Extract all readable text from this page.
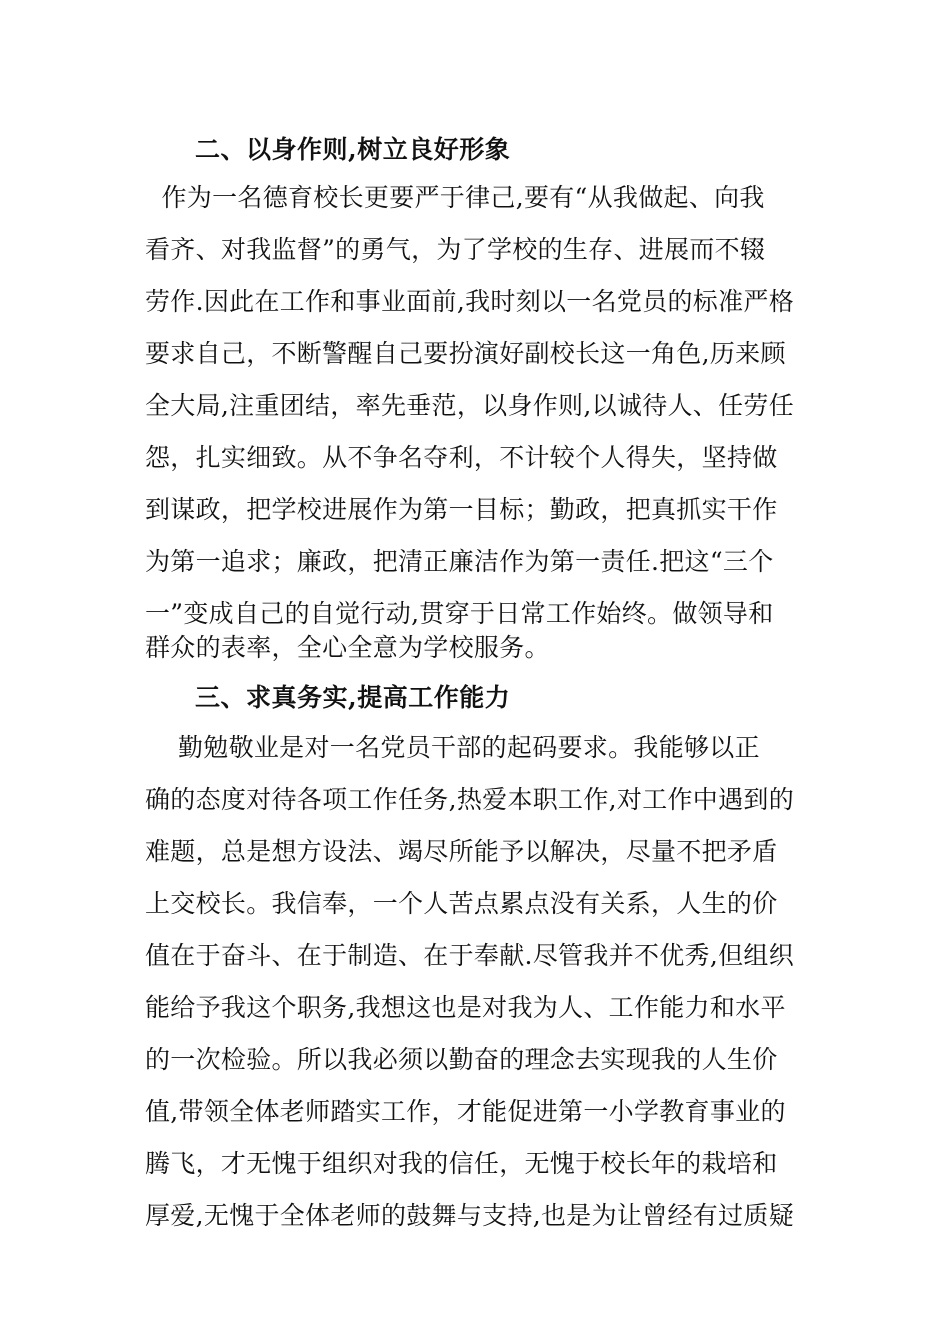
二、以身作则,树立良好形象
作为一名德育校长更要严于律己,要有“从我做起、向我
看齐、对我监督”的勇气，为了学校的生存、进展而不辍
劳作.因此在工作和事业面前,我时刻以一名党员的标准严格
要求自己，不断警醒自己要扮演好副校长这一角色,历来顾
全大局,注重团结，率先垂范，以身作则,以诚待人、任劳任
怨，扎实细致。从不争名夺利，不计较个人得失，坚持做
到谋政，把学校进展作为第一目标；勤政，把真抓实干作
为第一追求；廉政，把清正廉洁作为第一责任.把这“三个
一”变成自己的自觉行动,贯穿于日常工作始终。做领导和
群众的表率，全心全意为学校服务。
三、求真务实,提高工作能力
勤勉敬业是对一名党员干部的起码要求。我能够以正
确的态度对待各项工作任务,热爱本职工作,对工作中遇到的
难题，总是想方设法、竭尽所能予以解决，尽量不把矛盾
上交校长。我信奉，一个人苦点累点没有关系，人生的价
值在于奋斗、在于制造、在于奉献.尽管我并不优秀,但组织
能给予我这个职务,我想这也是对我为人、工作能力和水平
的一次检验。所以我必须以勤奋的理念去实现我的人生价
值,带领全体老师踏实工作，才能促进第一小学教育事业的
腾飞，才无愧于组织对我的信任，无愧于校长年的栽培和
厚爱,无愧于全体老师的鼓舞与支持,也是为让曾经有过质疑
